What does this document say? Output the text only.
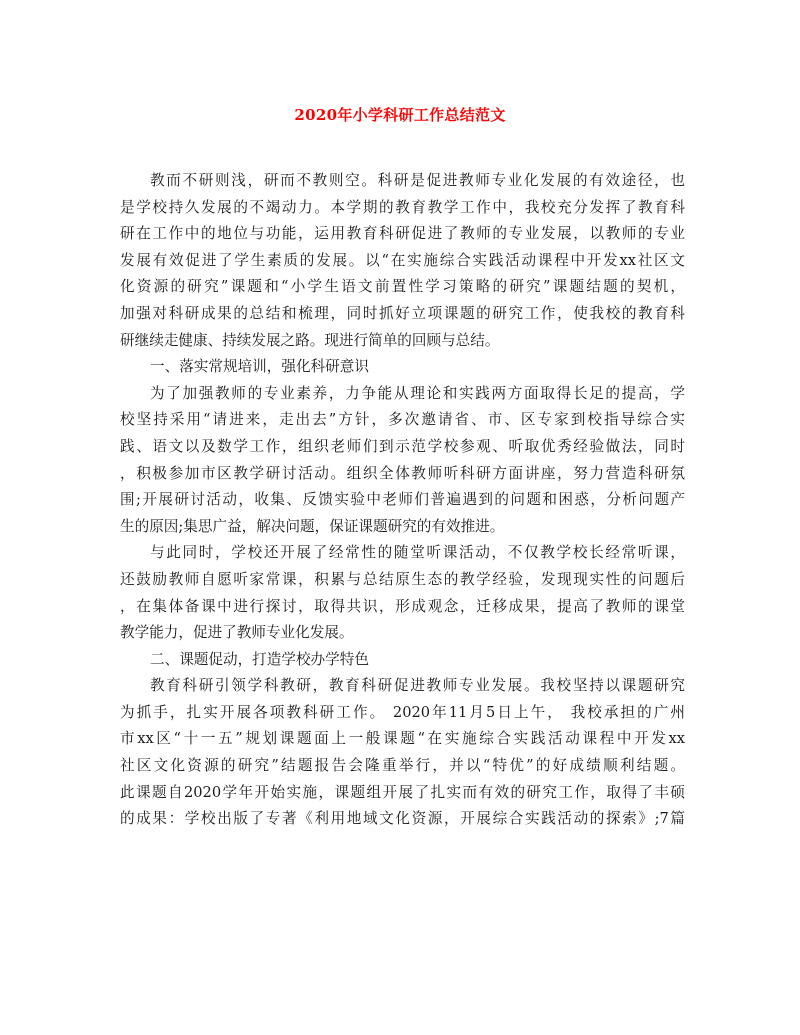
2020年小学科研工作总结范文
教而不研则浅，研而不教则空。科研是促进教师专业化发展的有效途径，也
是学校持久发展的不竭动力。本学期的教育教学工作中，我校充分发挥了教育科
研在工作中的地位与功能，运用教育科研促进了教师的专业发展，以教师的专业
发展有效促进了学生素质的发展。以“在实施综合实践活动课程中开发xx社区文
化资源的研究”课题和“小学生语文前置性学习策略的研究”课题结题的契机，
加强对科研成果的总结和梳理，同时抓好立项课题的研究工作，使我校的教育科
研继续走健康、持续发展之路。现进行简单的回顾与总结。
一、落实常规培训，强化科研意识
为了加强教师的专业素养，力争能从理论和实践两方面取得长足的提高，学
校坚持采用“请进来，走出去”方针，多次邀请省、市、区专家到校指导综合实
践、语文以及数学工作，组织老师们到示范学校参观、听取优秀经验做法，同时
，积极参加市区教学研讨活动。组织全体教师听科研方面讲座，努力营造科研氛
围;开展研讨活动，收集、反馈实验中老师们普遍遇到的问题和困惑，分析问题产
生的原因;集思广益，解决问题，保证课题研究的有效推进。
与此同时，学校还开展了经常性的随堂听课活动，不仅教学校长经常听课，
还鼓励教师自愿听家常课，积累与总结原生态的教学经验，发现现实性的问题后
，在集体备课中进行探讨，取得共识，形成观念，迁移成果，提高了教师的课堂
教学能力，促进了教师专业化发展。
二、课题促动，打造学校办学特色
教育科研引领学科教研，教育科研促进教师专业发展。我校坚持以课题研究
为抓手，扎实开展各项教科研工作。 2020年11月5日上午， 我校承担的广州
市xx区“十一五”规划课题面上一般课题“在实施综合实践活动课程中开发xx
社区文化资源的研究”结题报告会隆重举行，并以“特优”的好成绩顺利结题。
此课题自2020学年开始实施，课题组开展了扎实而有效的研究工作，取得了丰硕
的成果：学校出版了专著《利用地域文化资源，开展综合实践活动的探索》;7篇
